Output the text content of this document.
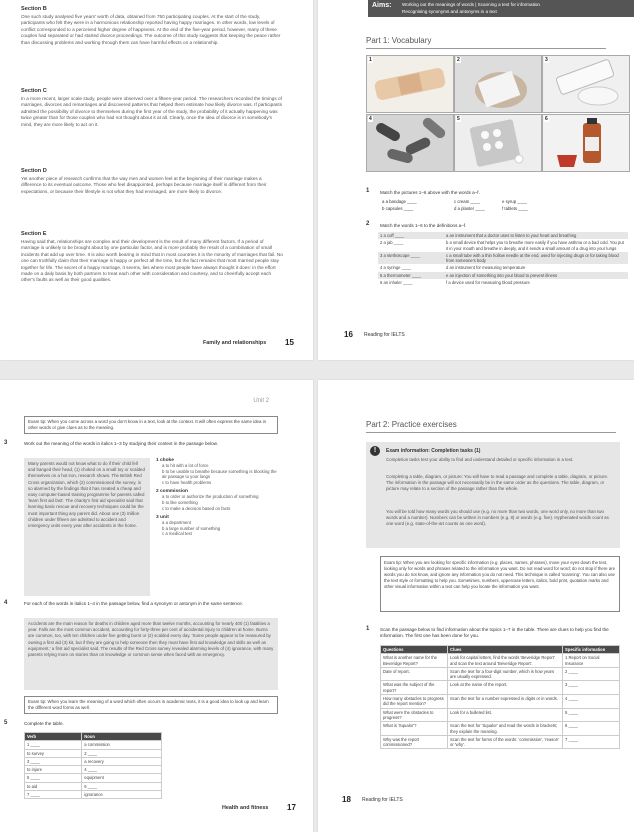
Section B
One such study analysed five years' worth of data, obtained from 750 participating couples. At the start of the study, participants who felt they were in a harmonious relationship reported having happy marriages. In other words, low levels of conflict corresponded to a perceived higher degree of happiness. At the end of the five-year period, however, many of these couples had separated or had started divorce proceedings. The outcome of this study suggests that keeping the peace rather than discussing problems and working through them can have harmful effects on a relationship.
Section C
In a more recent, larger scale study, people were observed over a fifteen-year period. The researchers recorded the timings of marriages, divorces and remarriages and discovered patterns that helped them estimate how likely divorce was. If participants admitted the possibility of divorce to themselves during the first year of the study, the probability of it actually happening was twice greater than for those couples who had not thought about it at all. Clearly, once the idea of divorce is in somebody's mind, they are more likely to act on it.
Section D
Yet another piece of research confirms that the way men and women feel at the beginning of their marriage makes a difference to its eventual outcome. Those who feel disappointed, perhaps because marriage itself is different from their expectations, or because their lifestyle is not what they had envisaged, are more likely to divorce.
Section E
Having said that, relationships are complex and their development is the result of many different factors. If a period of marriage is unlikely to be brought about by one particular factor, and is more probably the result of a combination of small incidents that add up over time. It is also worth bearing in mind that in most countries it is the minority of marriages that fail. No one can truthfully claim that their marriage is happy or perfect all the time, but the fact remains that most married people stay together for life. The secret of a happy marriage, it seems, lies where most people have always thought it does: in the effort made on a daily basis by both partners to treat each other with consideration and courtesy, and to cheerfully accept each other's faults as well as their good qualities.
Family and relationships 15
Aims: Working out the meanings of words | Scanning a text for information
Recognising synonyms and antonyms in a text
Part 1: Vocabulary
1	2	3
4	5	6
1 Match the pictures 1–6 above with the words a–f.
a a bandage ____	c cream ____	e syrup ____
b capsules ____	d a plaster ____	f tablets ____
2 Match the words 1–6 to the definitions a–f.
1 a cuff ____	a an instrument that a doctor uses to listen to your heart and breathing
2 a jab ____	b a small device that helps you to breathe more easily if you have asthma or a bad cold. You put it in your mouth and breathe in deeply, and it sends a small amount of a drug into your lungs
3 a stethoscope ____	c a small tube with a thin hollow needle at the end, used for injecting drugs or for taking blood from someone's body
4 a syringe ____	d an instrument for measuring temperature
5 a thermometer ____	e an injection of something into your blood to prevent illness
6 an inhaler ____	f a device used for measuring blood pressure
16 Reading for IELTS
Unit 2
Exam tip: When you come across a word you don't know in a text, look at the context. It will often express the same idea in other words or give clues as to the meaning.
3	Work out the meaning of the words in italics 1–3 by studying their context in the passage below.
Many parents would not know what to do if their child fell and banged their head, (1) choked on a small toy or scalded themselves on a hot iron, research shows. The British Red Cross organization, which (2) commissioned the survey, is so alarmed by the findings that it has created a cheap and easy computer-based training programme for parents called 'learn first aid fast'. The charity's first aid specialist said that learning basic rescue and recovery techniques could be the most important thing any parent did. About one (3) million children under fifteen are admitted to accident and emergency units every year after accidents in the home.
1 choke
a to hit with a lot of force
b to be unable to breathe because something is blocking the air passage to your lungs
c to have health problems
2 commission
a to order or authorize the production of something
b to like something
c to make a decision based on facts
3 unit
a a department
b a large number of something
c a medical test
4	For each of the words in italics 1–4 in the passage below, find a synonym or antonym in the same sentence.
Accidents are the main reason for deaths in children aged more than twelve months, accounting for nearly 400 (1) fatalities a year. Falls are the most common accident, accounting for forty-three per cent of accidental injury to children at home. Burns are common, too, with ten children under five getting burnt or (2) scalded every day. 'Some people appear to be reassured by owning a first aid (3) kit, but if they are going to help someone then they must have first aid knowledge and skills as well as equipment,' a first aid specialist said. The results of the Red Cross survey revealed alarming levels of (4) ignorance, with many parents relying more on stories than on knowledge or common sense when faced with an emergency.
Exam tip: When you learn the meaning of a word which often occurs in academic texts, it is a good idea to look up and learn the different word forms as well.
5	Complete the table.
Verb	Noun
1 ____	a commission
to survey	2 ____
3 ____	a recovery
to injure	4 ____
5 ____	equipment
to aid	6 ____
7 ____	ignorance
Health and fitness 17
Part 2: Practice exercises
!	Exam information: Completion tasks (1)
Completion tasks test your ability to find and understand detailed or specific information in a text.
Completing a table, diagram, or picture: You will have to read a passage and complete a table, diagram, or picture. The information in the passage will not necessarily be in the same order as the questions. The table, diagram, or picture may relate to a section of the passage rather than the whole.
You will be told how many words you should use (e.g. no more than two words, one word only, no more than two words and a number). Numbers can be written in numbers (e.g. 8) or words (e.g. five). Hyphenated words count as one word (e.g. state-of-the-art counts as one word).
Exam tip: When you are looking for specific information (e.g. places, names, phrases), move your eyes down the text, looking only for words and phrases related to the information you want. Do not read word for word; do not stop if there are words you do not know, and ignore any information you do not need. This technique is called 'scanning'. You can also use the text style or formatting to help you. Sometimes, numbers, uppercase letters, italics, bold print, quotation marks and other visual information within a text can help you locate the information you want.
1 Scan the passage below to find information about the topics 1–7 in the table. There are clues to help you find the information. The first one has been done for you.
Questions	Clues	Specific information
What is another name for the Beveridge Report?	Look for capital letters, find the words 'Beveridge Report' and scan the text around 'Beveridge Report'.	1 Report on Social Insurance
Date of report.	Scan the text for a four-digit number, which is how years are usually expressed.	2 ____
What was the subject of the report?	Look at the name of the report.	3 ____
How many obstacles to progress did the report mention?	Scan the text for a number expressed in digits or in words.	4 ____
What were the obstacles to progress?	Look for a bulleted list.	5 ____
What is 'Squalor'?	Scan the text for 'Squalor' and read the words in brackets; they explain the meaning.	6 ____
Why was the report commissioned?	Scan the text for forms of the words: 'commission', 'reason' or 'why'.	7 ____
18 Reading for IELTS
